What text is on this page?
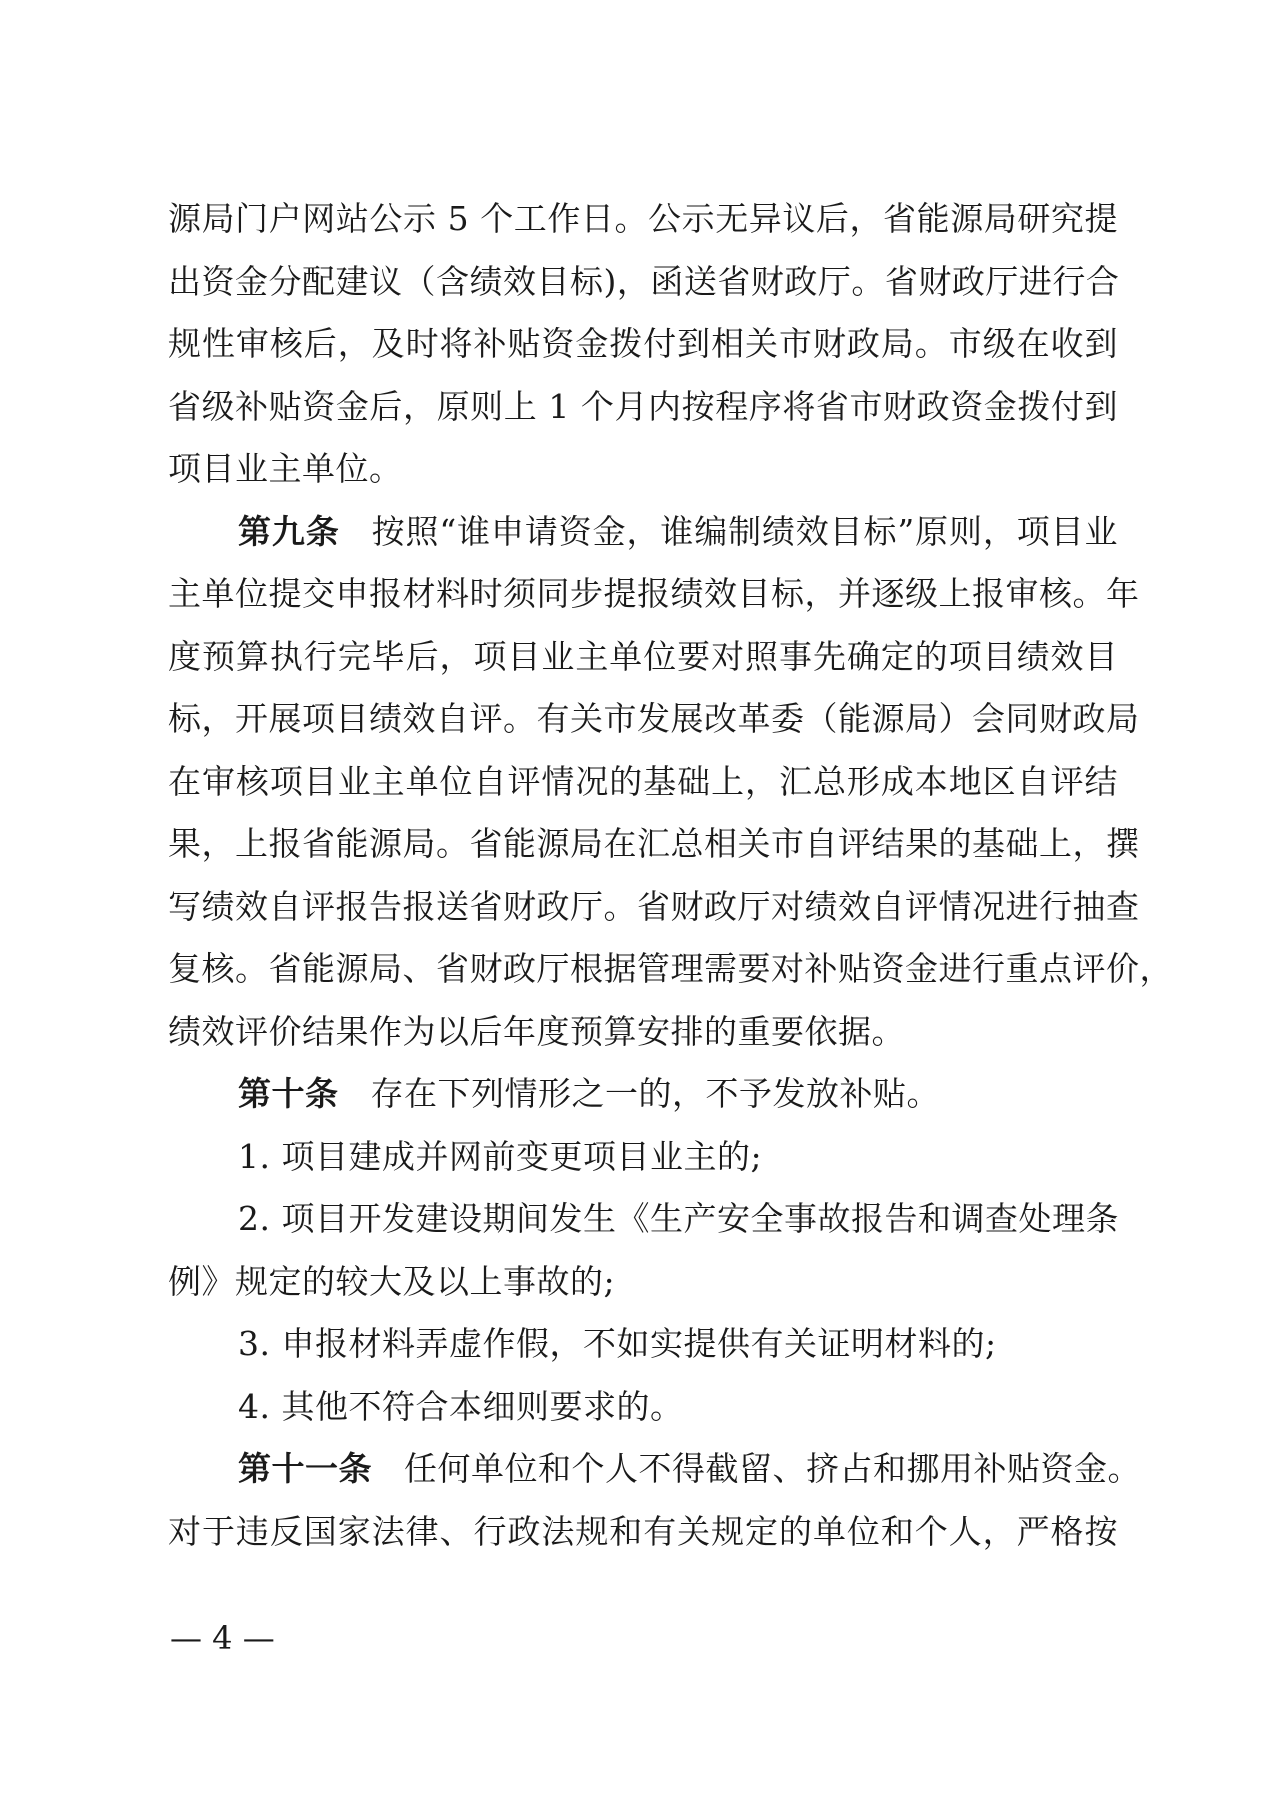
源局门户网站公示 5 个工作日。公示无异议后，省能源局研究提
出资金分配建议（含绩效目标)，函送省财政厅。省财政厅进行合
规性审核后，及时将补贴资金拨付到相关市财政局。市级在收到
省级补贴资金后，原则上 1 个月内按程序将省市财政资金拨付到
项目业主单位。
第九条 按照“谁申请资金，谁编制绩效目标”原则，项目业
主单位提交申报材料时须同步提报绩效目标，并逐级上报审核。年
度预算执行完毕后，项目业主单位要对照事先确定的项目绩效目
标，开展项目绩效自评。有关市发展改革委（能源局）会同财政局
在审核项目业主单位自评情况的基础上，汇总形成本地区自评结
果，上报省能源局。省能源局在汇总相关市自评结果的基础上，撰
写绩效自评报告报送省财政厅。省财政厅对绩效自评情况进行抽查
复核。省能源局、省财政厅根据管理需要对补贴资金进行重点评价，
绩效评价结果作为以后年度预算安排的重要依据。
第十条 存在下列情形之一的，不予发放补贴。
1. 项目建成并网前变更项目业主的;
2. 项目开发建设期间发生《生产安全事故报告和调查处理条
例》规定的较大及以上事故的;
3. 申报材料弄虚作假，不如实提供有关证明材料的;
4. 其他不符合本细则要求的。
第十一条 任何单位和个人不得截留、挤占和挪用补贴资金。
对于违反国家法律、行政法规和有关规定的单位和个人，严格按
— 4 —
